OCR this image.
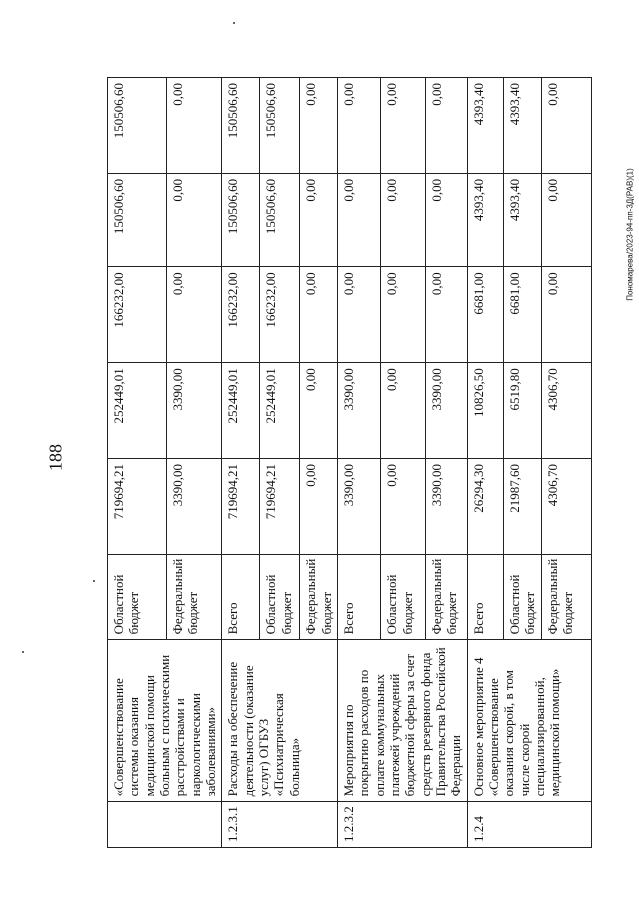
188
Пономарева/2023-94-пп-3Д(РАВ)(1)
	«Совершенствование системы оказания медицинской помощи больным с психическими расстройствами и наркологическими заболеваниями»	Областной бюджет	719694,21	252449,01	166232,00	150506,60	150506,60
		Федеральный бюджет	3390,00	3390,00	0,00	0,00	0,00
1.2.3.1	Расходы на обеспечение деятельности (оказание услуг) ОГБУЗ «Психиатрическая больница»	Всего	719694,21	252449,01	166232,00	150506,60	150506,60
		Областной бюджет	719694,21	252449,01	166232,00	150506,60	150506,60
		Федеральный бюджет	0,00	0,00	0,00	0,00	0,00
1.2.3.2	Мероприятия по покрытию расходов по оплате коммунальных платежей учреждений бюджетной сферы за счет средств резервного фонда Правительства Российской Федерации	Всего	3390,00	3390,00	0,00	0,00	0,00
		Областной бюджет	0,00	0,00	0,00	0,00	0,00
		Федеральный бюджет	3390,00	3390,00	0,00	0,00	0,00
1.2.4	Основное мероприятие 4 «Совершенствование оказания скорой, в том числе скорой специализированной, медицинской помощи»	Всего	26294,30	10826,50	6681,00	4393,40	4393,40
		Областной бюджет	21987,60	6519,80	6681,00	4393,40	4393,40
		Федеральный бюджет	4306,70	4306,70	0,00	0,00	0,00
